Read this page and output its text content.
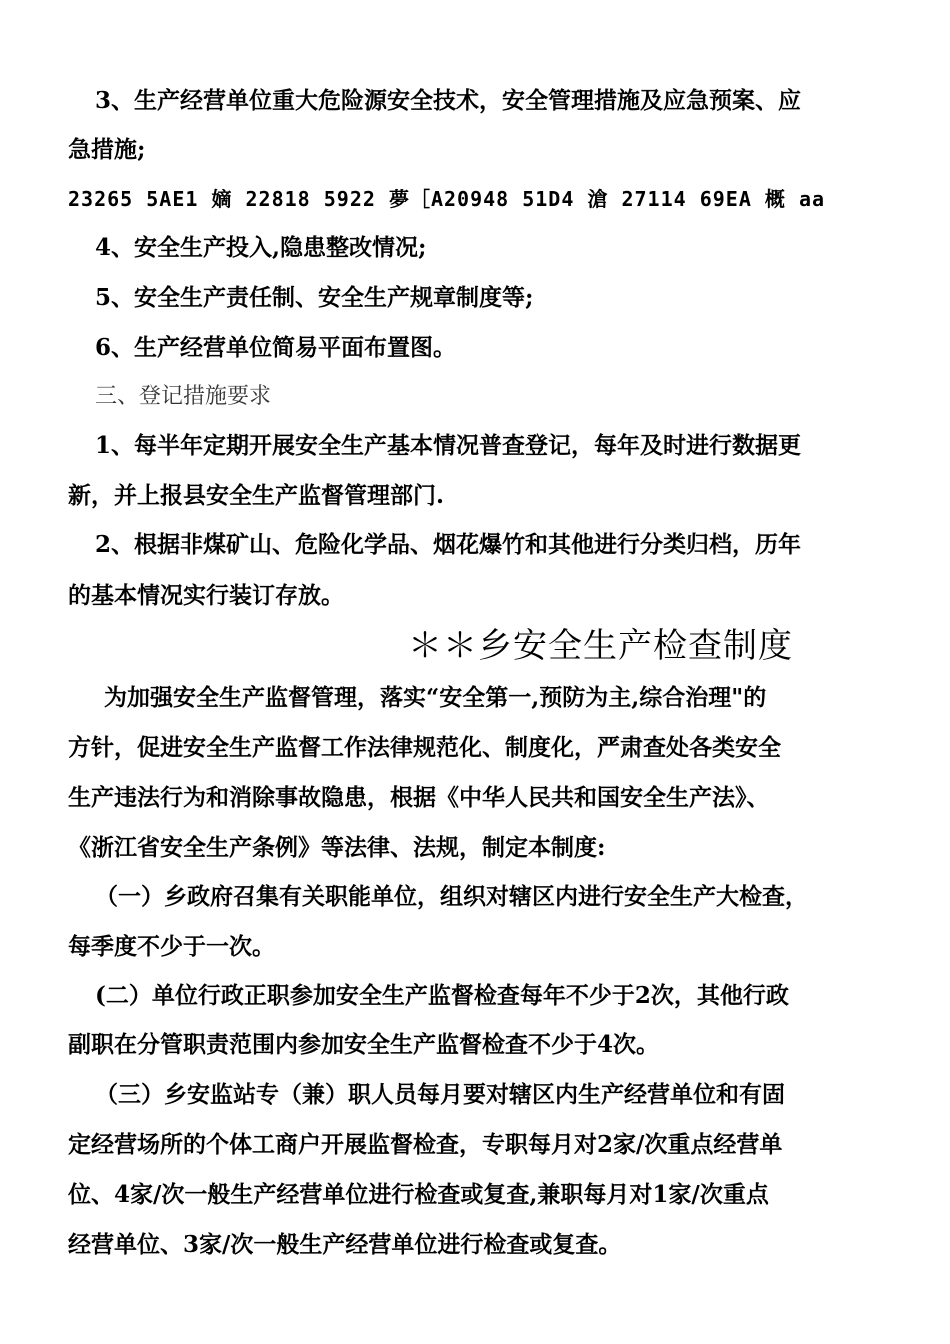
3、生产经营单位重大危险源安全技术，安全管理措施及应急预案、应
急措施;
23265 5AE1 嫡 22818 5922 夢［A20948 51D4 滄 27114 69EA 概 aa
4、安全生产投入,隐患整改情况;
5、安全生产责任制、安全生产规章制度等;
6、生产经营单位简易平面布置图。
三、登记措施要求
1、每半年定期开展安全生产基本情况普查登记，每年及时进行数据更
新，并上报县安全生产监督管理部门.
2、根据非煤矿山、危险化学品、烟花爆竹和其他进行分类归档，历年
的基本情况实行装订存放。
＊＊乡安全生产检查制度
为加强安全生产监督管理，落实“安全第一,预防为主,综合治理"的
方针，促进安全生产监督工作法律规范化、制度化，严肃查处各类安全
生产违法行为和消除事故隐患，根据《中华人民共和国安全生产法》、
《浙江省安全生产条例》等法律、法规，制定本制度:
（一）乡政府召集有关职能单位，组织对辖区内进行安全生产大检查，
每季度不少于一次。
(二）单位行政正职参加安全生产监督检查每年不少于2次，其他行政
副职在分管职责范围内参加安全生产监督检查不少于4次。
（三）乡安监站专（兼）职人员每月要对辖区内生产经营单位和有固
定经营场所的个体工商户开展监督检查，专职每月对2家/次重点经营单
位、4家/次一般生产经营单位进行检查或复查,兼职每月对1家/次重点
经营单位、3家/次一般生产经营单位进行检查或复查。
